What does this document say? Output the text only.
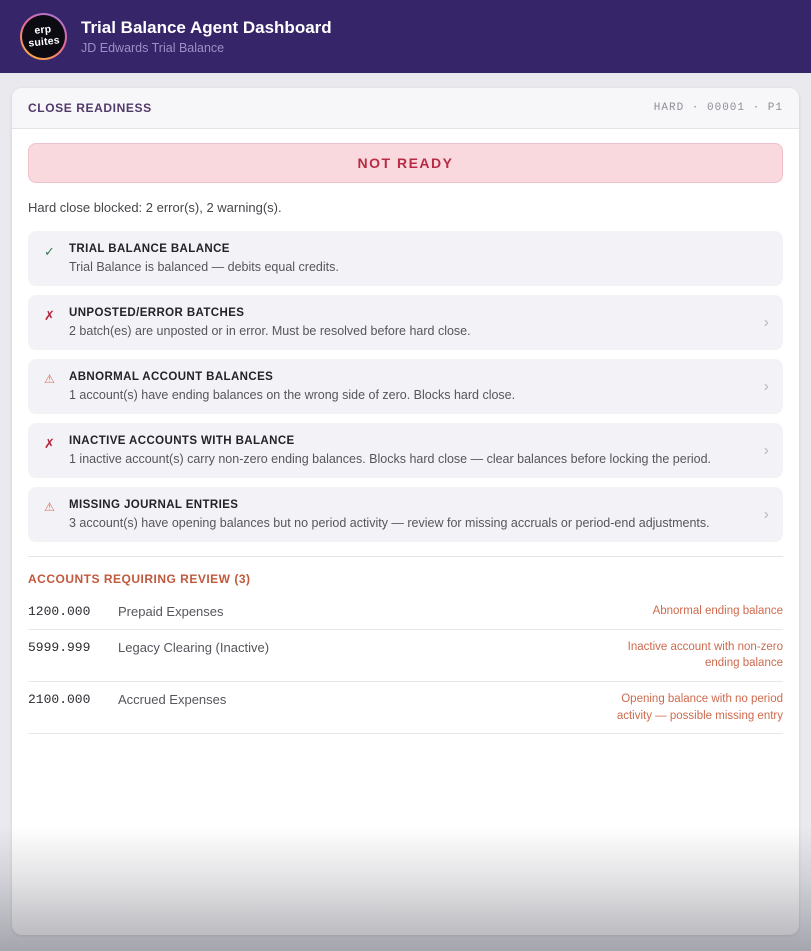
erp
suites
Trial Balance Agent Dashboard
JD Edwards Trial Balance
CLOSE READINESS	HARD · 00001 · P1
NOT READY
Hard close blocked: 2 error(s), 2 warning(s).
✓ TRIAL BALANCE BALANCE
Trial Balance is balanced — debits equal credits.
✗ UNPOSTED/ERROR BATCHES
2 batch(es) are unposted or in error. Must be resolved before hard close.
›
⚠ ABNORMAL ACCOUNT BALANCES
1 account(s) have ending balances on the wrong side of zero. Blocks hard close.
›
✗ INACTIVE ACCOUNTS WITH BALANCE
1 inactive account(s) carry non-zero ending balances. Blocks hard close — clear balances before locking the period.
›
⚠ MISSING JOURNAL ENTRIES
3 account(s) have opening balances but no period activity — review for missing accruals or period-end adjustments.
›
ACCOUNTS REQUIRING REVIEW (3)
1200.000	Prepaid Expenses	Abnormal ending balance
5999.999	Legacy Clearing (Inactive)	Inactive account with non-zero ending balance
2100.000	Accrued Expenses	Opening balance with no period activity — possible missing entry
